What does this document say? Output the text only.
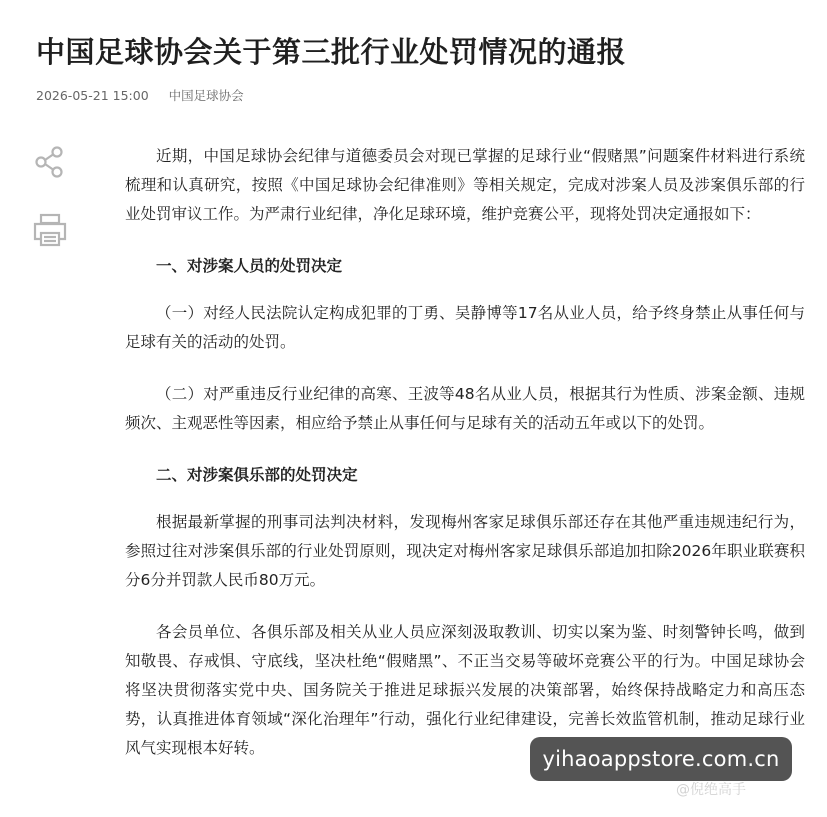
中国足球协会关于第三批行业处罚情况的通报
2026-05-21 15:00 中国足球协会

近期，中国足球协会纪律与道德委员会对现已掌握的足球行业“假赌黑”问题案件材料进行系统梳理和认真研究，按照《中国足球协会纪律准则》等相关规定，完成对涉案人员及涉案俱乐部的行业处罚审议工作。为严肃行业纪律，净化足球环境，维护竞赛公平，现将处罚决定通报如下：

一、对涉案人员的处罚决定

（一）对经人民法院认定构成犯罪的丁勇、吴静博等17名从业人员，给予终身禁止从事任何与足球有关的活动的处罚。

（二）对严重违反行业纪律的高寒、王波等48名从业人员，根据其行为性质、涉案金额、违规频次、主观恶性等因素，相应给予禁止从事任何与足球有关的活动五年或以下的处罚。

二、对涉案俱乐部的处罚决定

根据最新掌握的刑事司法判决材料，发现梅州客家足球俱乐部还存在其他严重违规违纪行为，参照过往对涉案俱乐部的行业处罚原则，现决定对梅州客家足球俱乐部追加扣除2026年职业联赛积分6分并罚款人民币80万元。

各会员单位、各俱乐部及相关从业人员应深刻汲取教训、切实以案为鉴、时刻警钟长鸣，做到知敬畏、存戒惧、守底线，坚决杜绝“假赌黑”、不正当交易等破坏竞赛公平的行为。中国足球协会将坚决贯彻落实党中央、国务院关于推进足球振兴发展的决策部署，始终保持战略定力和高压态势，认真推进体育领域“深化治理年”行动，强化行业纪律建设，完善长效监管机制，推动足球行业风气实现根本好转。	yihaoappstore.com.cn
@倪绝高手
